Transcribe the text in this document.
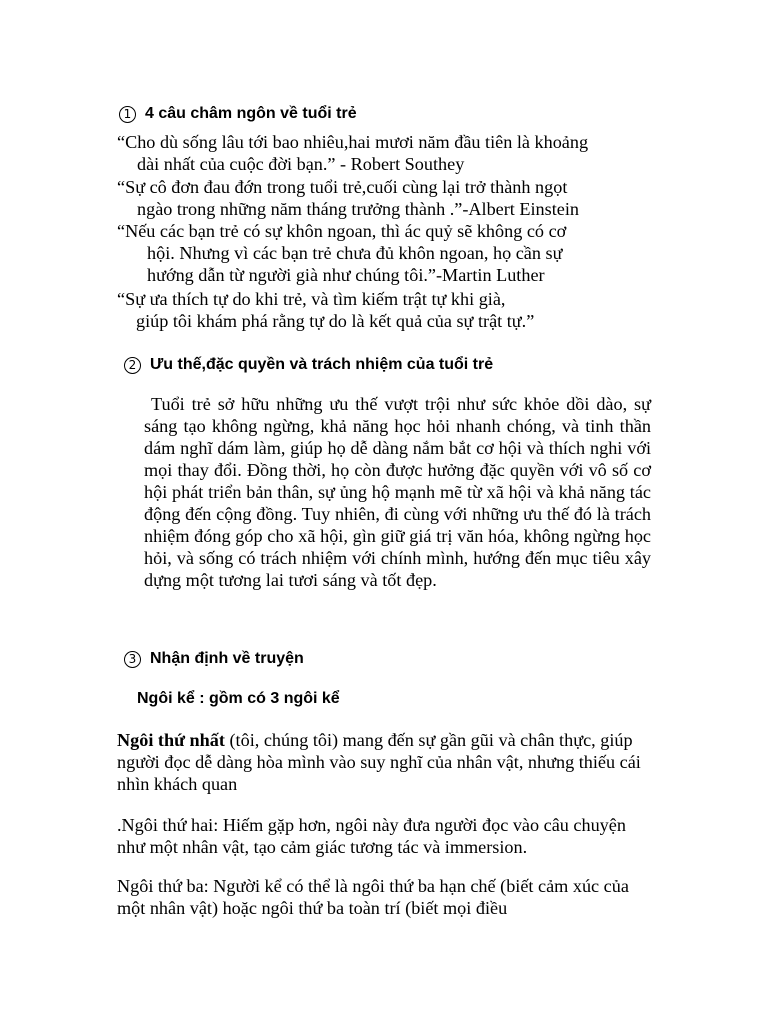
1 4 câu châm ngôn về tuổi trẻ
“Cho dù sống lâu tới bao nhiêu,hai mươi năm đầu tiên là khoảng
dài nhất của cuộc đời bạn.” - Robert Southey
“Sự cô đơn đau đớn trong tuổi trẻ,cuối cùng lại trở thành ngọt
ngào trong những năm tháng trưởng thành .”-Albert Einstein
“Nếu các bạn trẻ có sự khôn ngoan, thì ác quỷ sẽ không có cơ
hội. Nhưng vì các bạn trẻ chưa đủ khôn ngoan, họ cần sự
hướng dẫn từ người già như chúng tôi.”-Martin Luther
“Sự ưa thích tự do khi trẻ, và tìm kiếm trật tự khi già,
giúp tôi khám phá rằng tự do là kết quả của sự trật tự.”
2 Ưu thế,đặc quyền và trách nhiệm của tuổi trẻ

Tuổi trẻ sở hữu những ưu thế vượt trội như sức khỏe dồi dào, sự sáng tạo không ngừng, khả năng học hỏi nhanh chóng, và tinh thần dám nghĩ dám làm, giúp họ dễ dàng nắm bắt cơ hội và thích nghi với mọi thay đổi. Đồng thời, họ còn được hưởng đặc quyền với vô số cơ hội phát triển bản thân, sự ủng hộ mạnh mẽ từ xã hội và khả năng tác động đến cộng đồng. Tuy nhiên, đi cùng với những ưu thế đó là trách nhiệm đóng góp cho xã hội, gìn giữ giá trị văn hóa, không ngừng học hỏi, và sống có trách nhiệm với chính mình, hướng đến mục tiêu xây dựng một tương lai tươi sáng và tốt đẹp.

3 Nhận định về truyện
Ngôi kể : gồm có 3 ngôi kể

Ngôi thứ nhất (tôi, chúng tôi) mang đến sự gần gũi và chân thực, giúp người đọc dễ dàng hòa mình vào suy nghĩ của nhân vật, nhưng thiếu cái nhìn khách quan

.Ngôi thứ hai: Hiếm gặp hơn, ngôi này đưa người đọc vào câu chuyện như một nhân vật, tạo cảm giác tương tác và immersion.

Ngôi thứ ba: Người kể có thể là ngôi thứ ba hạn chế (biết cảm xúc của một nhân vật) hoặc ngôi thứ ba toàn trí (biết mọi điều
